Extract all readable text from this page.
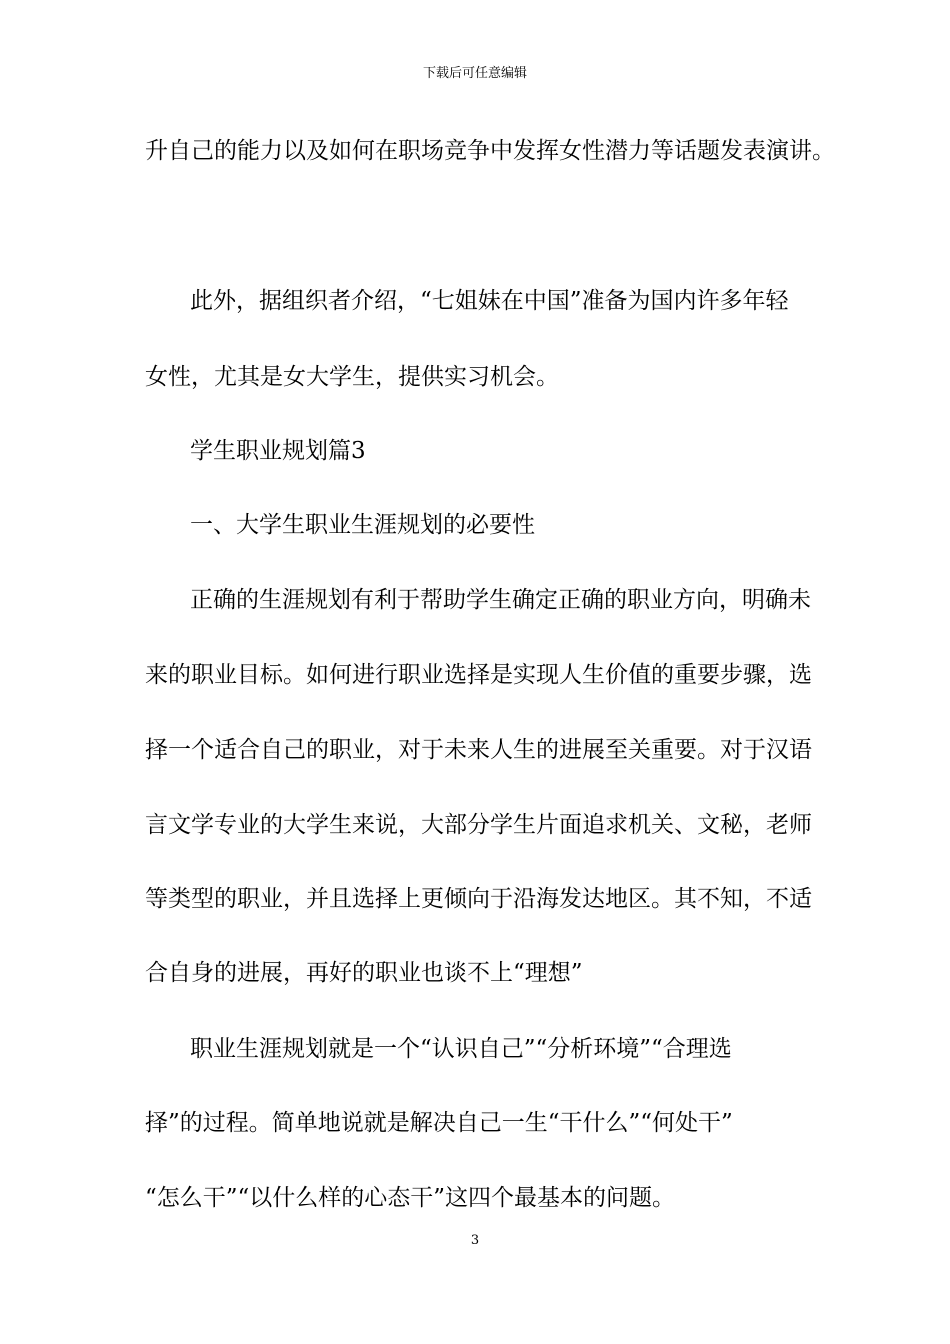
下载后可任意编辑
升自己的能力以及如何在职场竞争中发挥女性潜力等话题发表演讲。
此外，据组织者介绍，“七姐妹在中国”准备为国内许多年轻
女性，尤其是女大学生，提供实习机会。
学生职业规划篇3
一、大学生职业生涯规划的必要性
正确的生涯规划有利于帮助学生确定正确的职业方向，明确未
来的职业目标。如何进行职业选择是实现人生价值的重要步骤，选
择一个适合自己的职业，对于未来人生的进展至关重要。对于汉语
言文学专业的大学生来说，大部分学生片面追求机关、文秘，老师
等类型的职业，并且选择上更倾向于沿海发达地区。其不知，不适
合自身的进展，再好的职业也谈不上“理想”
职业生涯规划就是一个“认识自己”“分析环境”“合理选
择”的过程。简单地说就是解决自己一生“干什么”“何处干”
“怎么干”“以什么样的心态干”这四个最基本的问题。
3
